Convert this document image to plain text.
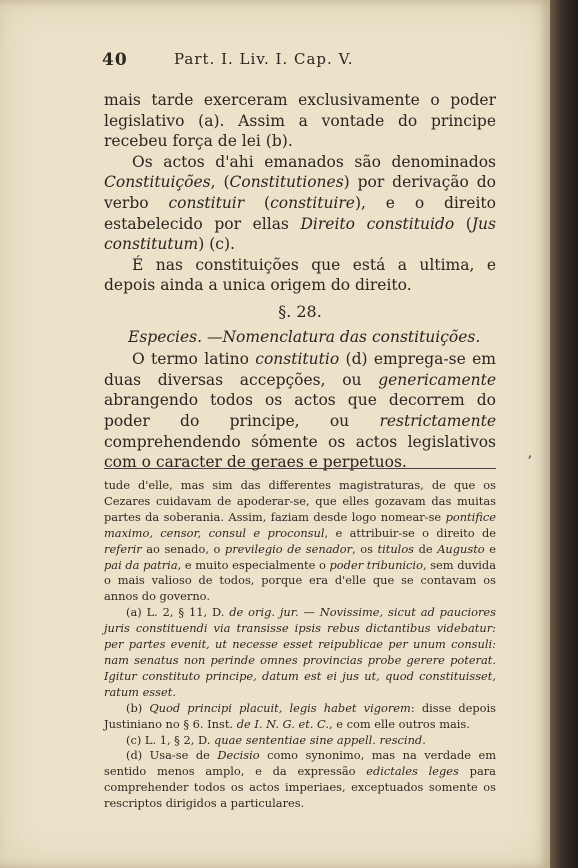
40	Part. I. Liv. I. Cap. V.

mais tarde exerceram exclusivamente o poder legislativo (a). Assim a vontade do principe recebeu força de lei (b).

Os actos d'ahi emanados são denominados Constituições, (Constitutiones) por derivação do verbo constituir (constituire), e o direito estabelecido por ellas Direito constituido (Jus constitutum) (c).

É nas constituições que está a ultima, e depois ainda a unica origem do direito.

§. 28.

Especies. —Nomenclatura das constituições.

O termo latino constitutio (d) emprega-se em duas diversas accepções, ou genericamente abrangendo todos os actos que decorrem do poder do principe, ou restrictamente comprehendendo sómente os actos legislativos com o caracter de geraes e perpetuos.	ʼ

tude d'elle, mas sim das differentes magistraturas, de que os Cezares cuidavam de apoderar-se, que elles gozavam das muitas partes da soberania. Assim, faziam desde logo nomear-se pontifice maximo, censor, consul e proconsul, e attribuir-se o direito de referir ao senado, o previlegio de senador, os titulos de Augusto e pai da patria, e muito especialmente o poder tribunicio, sem duvida o mais valioso de todos, porque era d'elle que se contavam os annos do governo.

(a) L. 2, § 11, D. de orig. jur. — Novissime, sicut ad pauciores juris constituendi via transisse ipsis rebus dictantibus videbatur: per partes evenit, ut necesse esset reipublicae per unum consuli: nam senatus non perinde omnes provincias probe gerere poterat. Igitur constituto principe, datum est ei jus ut, quod constituisset, ratum esset.

(b) Quod principi placuit, legis habet vigorem: disse depois Justiniano no § 6. Inst. de I. N. G. et. C., e com elle outros mais.

(c) L. 1, § 2, D. quae sententiae sine appell. rescind.

(d) Usa-se de Decisio como synonimo, mas na verdade em sentido menos amplo, e da expressão edictales leges para comprehender todos os actos imperiaes, exceptuados somente os rescriptos dirigidos a particulares.
